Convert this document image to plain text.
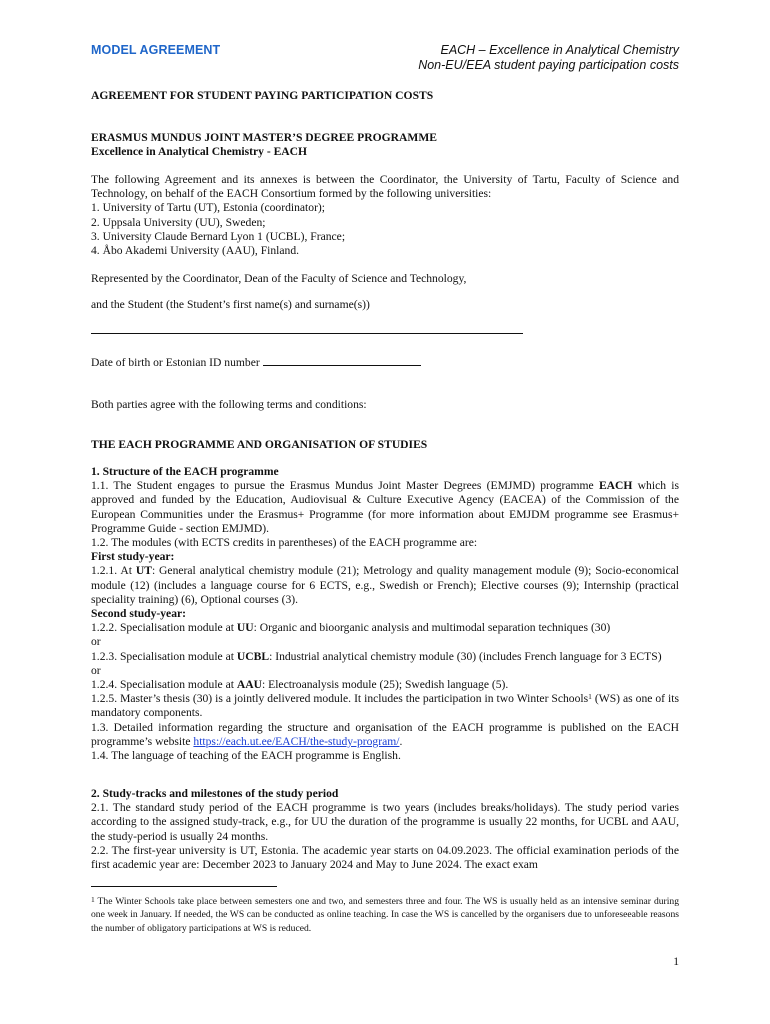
MODEL AGREEMENT	EACH – Excellence in Analytical Chemistry
Non-EU/EEA student paying participation costs
AGREEMENT FOR STUDENT PAYING PARTICIPATION COSTS

ERASMUS MUNDUS JOINT MASTER’S DEGREE PROGRAMME

Excellence in Analytical Chemistry - EACH

The following Agreement and its annexes is between the Coordinator, the University of Tartu, Faculty of Science and Technology, on behalf of the EACH Consortium formed by the following universities:

1. University of Tartu (UT), Estonia (coordinator);

2. Uppsala University (UU), Sweden;

3. University Claude Bernard Lyon 1 (UCBL), France;

4. Åbo Akademi University (AAU), Finland.

Represented by the Coordinator, Dean of the Faculty of Science and Technology,
and the Student (the Student’s first name(s) and surname(s))
Date of birth or Estonian ID number
Both parties agree with the following terms and conditions:
THE EACH PROGRAMME AND ORGANISATION OF STUDIES

1. Structure of the EACH programme

1.1. The Student engages to pursue the Erasmus Mundus Joint Master Degrees (EMJMD) programme EACH which is approved and funded by the Education, Audiovisual & Culture Executive Agency (EACEA) of the Commission of the European Communities under the Erasmus+ Programme (for more information about EMJDM programme see Erasmus+ Programme Guide - section EMJMD).

1.2. The modules (with ECTS credits in parentheses) of the EACH programme are:

First study-year:

1.2.1. At UT: General analytical chemistry module (21); Metrology and quality management module (9); Socio-economical module (12) (includes a language course for 6 ECTS, e.g., Swedish or French); Elective courses (9); Internship (practical speciality training) (6), Optional courses (3).

Second study-year:

1.2.2. Specialisation module at UU: Organic and bioorganic analysis and multimodal separation techniques (30)

or

1.2.3. Specialisation module at UCBL: Industrial analytical chemistry module (30) (includes French language for 3 ECTS)

or

1.2.4. Specialisation module at AAU: Electroanalysis module (25); Swedish language (5).

1.2.5. Master’s thesis (30) is a jointly delivered module. It includes the participation in two Winter Schools$^1$ (WS) as one of its mandatory components.

1.3. Detailed information regarding the structure and organisation of the EACH programme is published on the EACH programme’s website https://each.ut.ee/EACH/the-study-program/.

1.4. The language of teaching of the EACH programme is English.

2. Study-tracks and milestones of the study period

2.1. The standard study period of the EACH programme is two years (includes breaks/holidays). The study period varies according to the assigned study-track, e.g., for UU the duration of the programme is usually 22 months, for UCBL and AAU, the study-period is usually 24 months.

2.2. The first-year university is UT, Estonia. The academic year starts on 04.09.2023. The official examination periods of the first academic year are: December 2023 to January 2024 and May to June 2024. The exact exam

$^1$ The Winter Schools take place between semesters one and two, and semesters three and four. The WS is usually held as an intensive seminar during one week in January. If needed, the WS can be conducted as online teaching. In case the WS is cancelled by the organisers due to unforeseeable reasons the number of obligatory participations at WS is reduced.
1
